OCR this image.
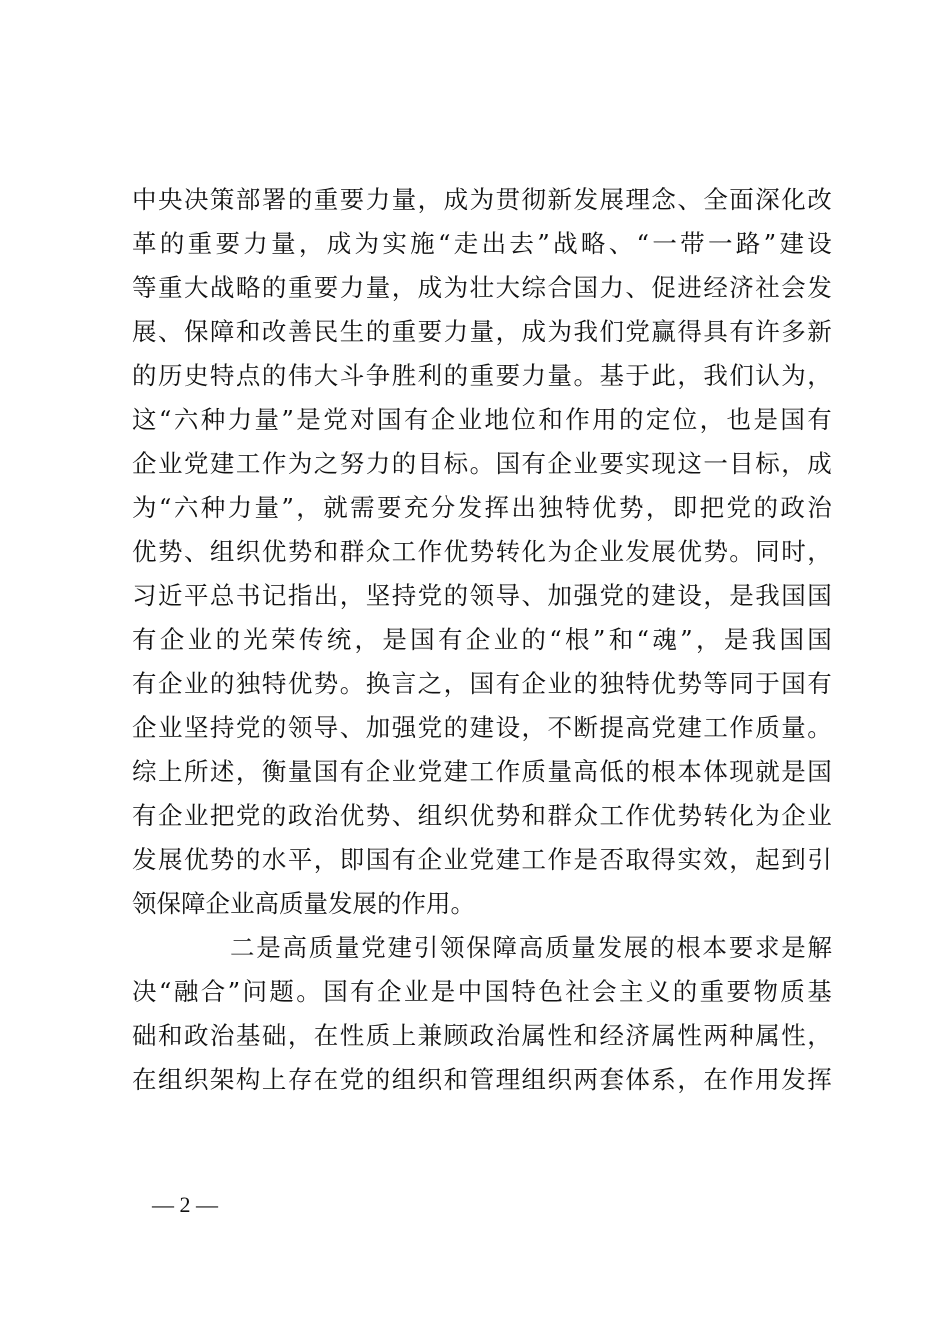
中 央 决 策 部 署 的 重 要 力 量 ， 成 为 贯 彻 新 发 展 理 念 、 全 面 深 化 改
革 的 重 要 力 量 ， 成 为 实 施 “ 走 出 去 ” 战 略 、 “ 一 带 一 路 ” 建 设
等 重 大 战 略 的 重 要 力 量 ， 成 为 壮 大 综 合 国 力 、 促 进 经 济 社 会 发
展 、 保 障 和 改 善 民 生 的 重 要 力 量 ， 成 为 我 们 党 赢 得 具 有 许 多 新
的 历 史 特 点 的 伟 大 斗 争 胜 利 的 重 要 力 量 。 基 于 此 ， 我 们 认 为 ，
这 “ 六 种 力 量 ” 是 党 对 国 有 企 业 地 位 和 作 用 的 定 位 ， 也 是 国 有
企 业 党 建 工 作 为 之 努 力 的 目 标 。 国 有 企 业 要 实 现 这 一 目 标 ， 成
为 “ 六 种 力 量 ” ， 就 需 要 充 分 发 挥 出 独 特 优 势 ， 即 把 党 的 政 治
优 势 、 组 织 优 势 和 群 众 工 作 优 势 转 化 为 企 业 发 展 优 势 。 同 时 ，
习 近 平 总 书 记 指 出 ， 坚 持 党 的 领 导 、 加 强 党 的 建 设 ， 是 我 国 国
有 企 业 的 光 荣 传 统 ， 是 国 有 企 业 的 “ 根 ” 和 “ 魂 ” ， 是 我 国 国
有 企 业 的 独 特 优 势 。 换 言 之 ， 国 有 企 业 的 独 特 优 势 等 同 于 国 有
企 业 坚 持 党 的 领 导 、 加 强 党 的 建 设 ， 不 断 提 高 党 建 工 作 质 量 。
综 上 所 述 ， 衡 量 国 有 企 业 党 建 工 作 质 量 高 低 的 根 本 体 现 就 是 国
有 企 业 把 党 的 政 治 优 势 、 组 织 优 势 和 群 众 工 作 优 势 转 化 为 企 业
发 展 优 势 的 水 平 ， 即 国 有 企 业 党 建 工 作 是 否 取 得 实 效 ， 起 到 引
领保障企业高质量发展的作用。
二 是 高 质 量 党 建 引 领 保 障 高 质 量 发 展 的 根 本 要 求 是 解
决 “ 融 合 ” 问 题 。 国 有 企 业 是 中 国 特 色 社 会 主 义 的 重 要 物 质 基
础 和 政 治 基 础 ， 在 性 质 上 兼 顾 政 治 属 性 和 经 济 属 性 两 种 属 性 ，
在 组 织 架 构 上 存 在 党 的 组 织 和 管 理 组 织 两 套 体 系 ， 在 作 用 发 挥
— 2 —
